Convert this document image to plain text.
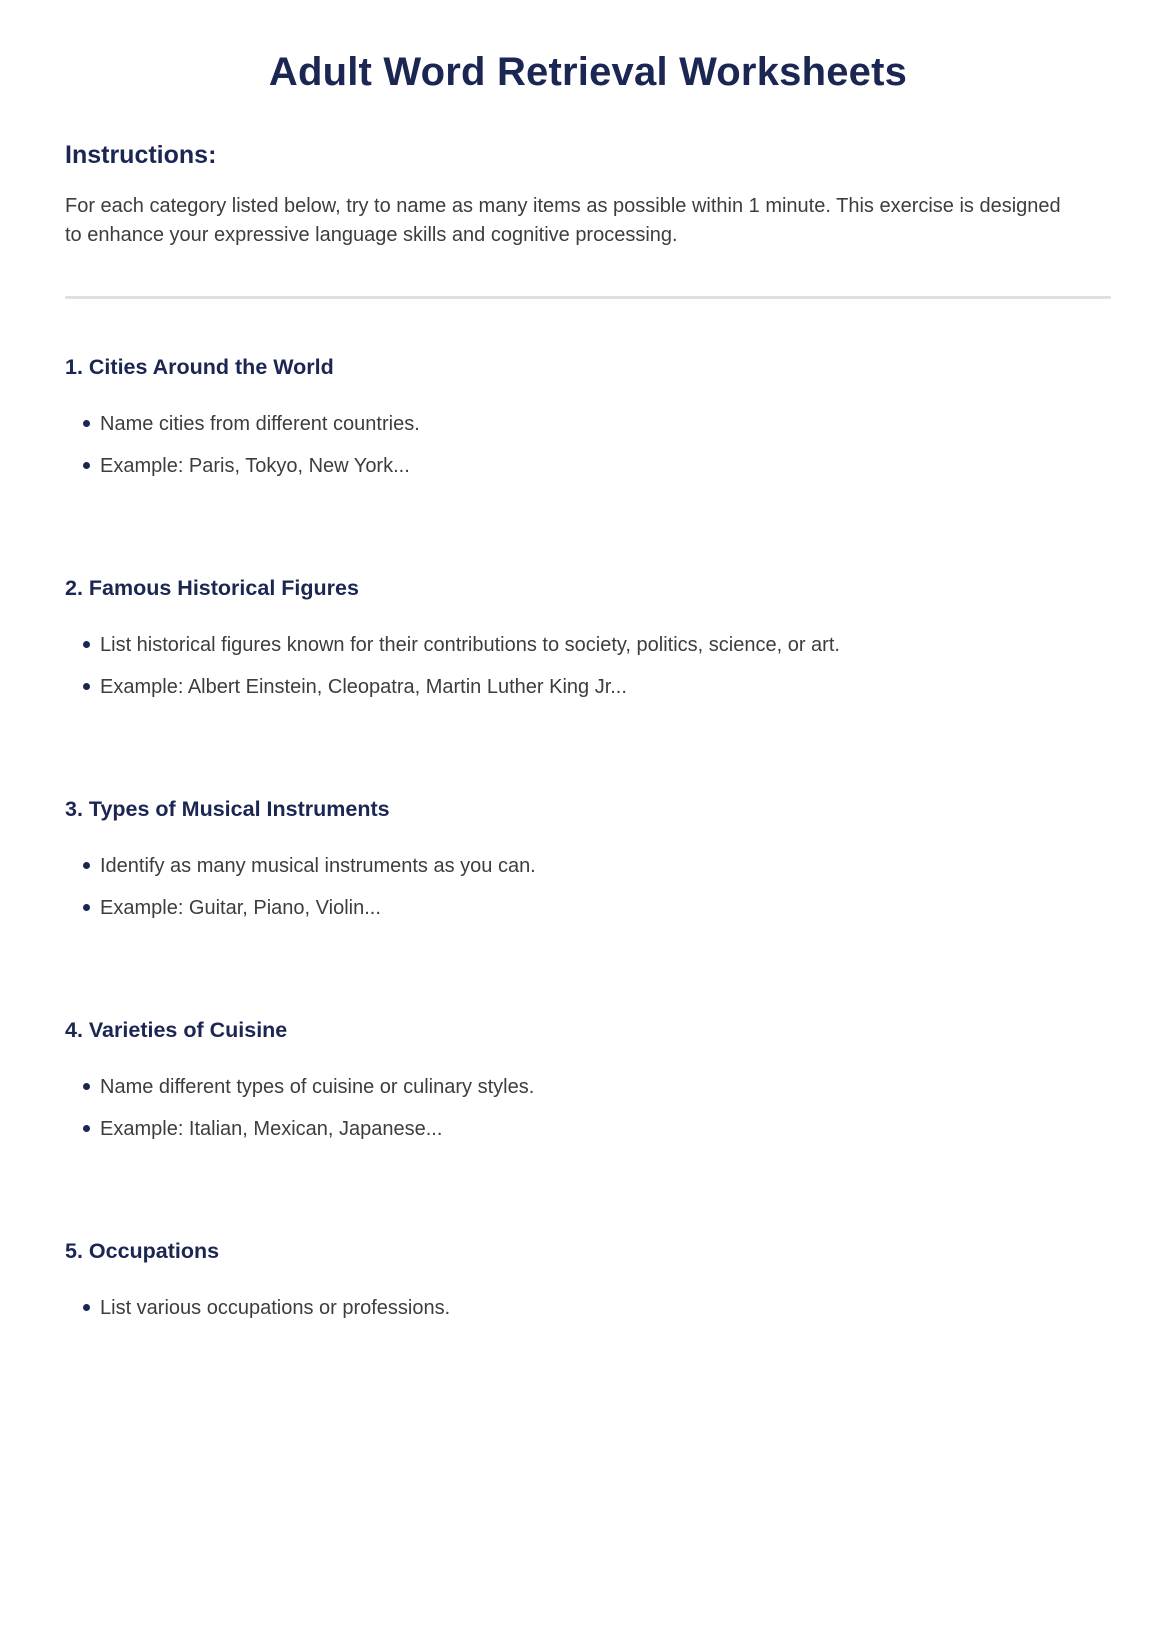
Adult Word Retrieval Worksheets
Instructions:

For each category listed below, try to name as many items as possible within 1 minute. This exercise is designed to enhance your expressive language skills and cognitive processing.

1. Cities Around the World
Name cities from different countries.
Example: Paris, Tokyo, New York...
2. Famous Historical Figures
List historical figures known for their contributions to society, politics, science, or art.
Example: Albert Einstein, Cleopatra, Martin Luther King Jr...
3. Types of Musical Instruments
Identify as many musical instruments as you can.
Example: Guitar, Piano, Violin...
4. Varieties of Cuisine
Name different types of cuisine or culinary styles.
Example: Italian, Mexican, Japanese...
5. Occupations
List various occupations or professions.
